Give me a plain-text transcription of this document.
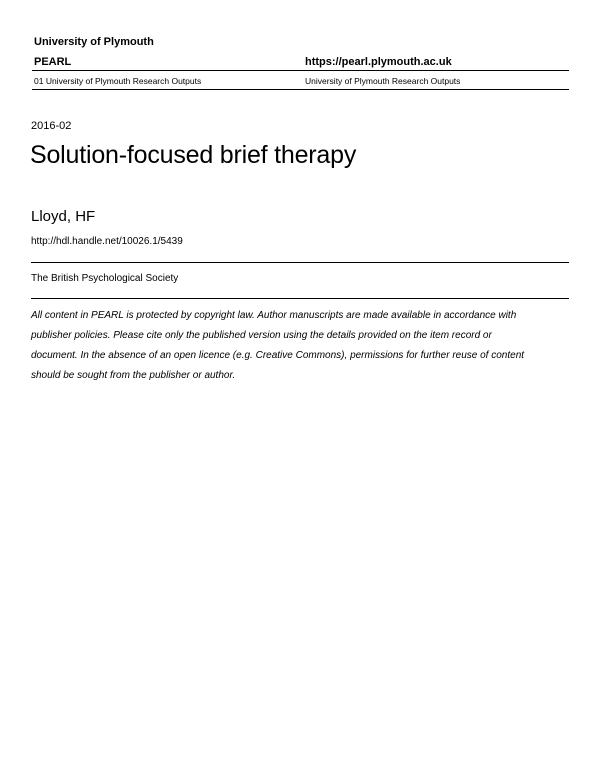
University of Plymouth
PEARL	https://pearl.plymouth.ac.uk
01 University of Plymouth Research Outputs	University of Plymouth Research Outputs
2016-02
Solution-focused brief therapy
Lloyd, HF
http://hdl.handle.net/10026.1/5439
The British Psychological Society

All content in PEARL is protected by copyright law. Author manuscripts are made available in accordance with
publisher policies. Please cite only the published version using the details provided on the item record or
document. In the absence of an open licence (e.g. Creative Commons), permissions for further reuse of content
should be sought from the publisher or author.
